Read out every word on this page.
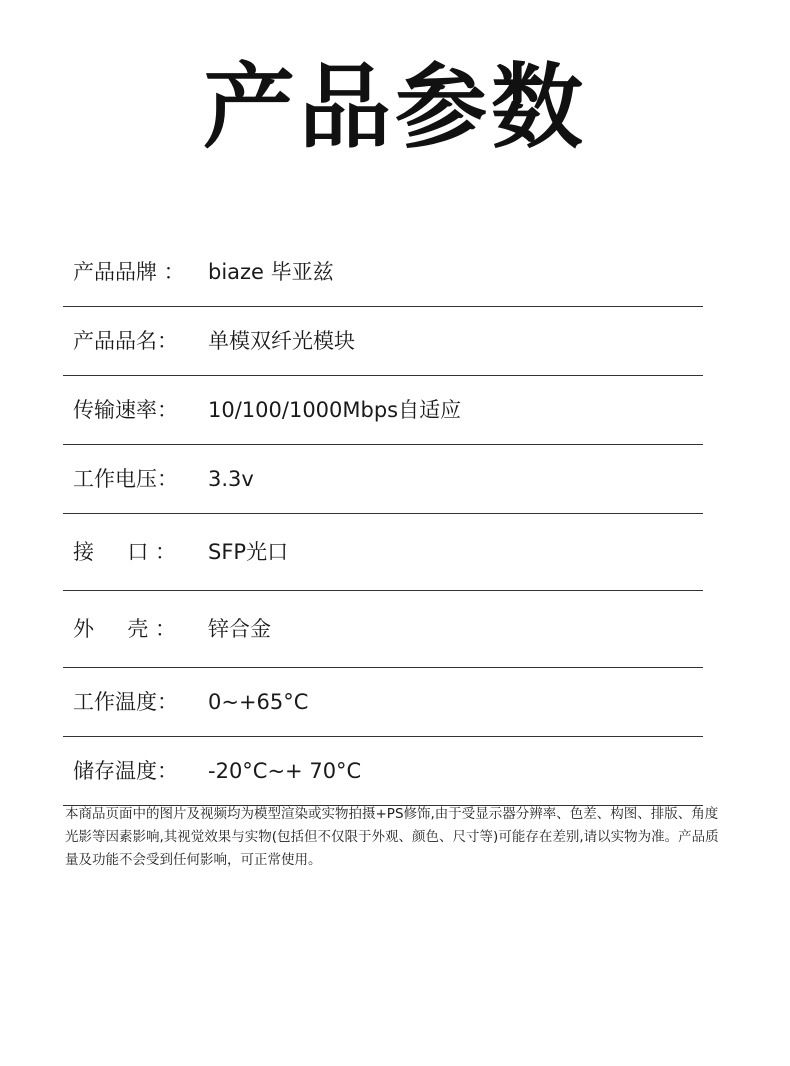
产品参数
产品品牌 ：	biaze 毕亚兹
产品品名：	单模双纤光模块
传输速率：	10/100/1000Mbps自适应
工作电压：	3.3v
接     口 ：	SFP光口
外     壳 ：	锌合金
工作温度：	0~+65°C
储存温度：	-20°C~+ 70°C
本商品页面中的图片及视频均为模型渲染或实物拍摄+PS修饰,由于受显示器分辨率、色差、构图、排版、角度光影等因素影响,其视觉效果与实物(包括但不仅限于外观、颜色、尺寸等)可能存在差别,请以实物为准。产品质量及功能不会受到任何影响，可正常使用。
